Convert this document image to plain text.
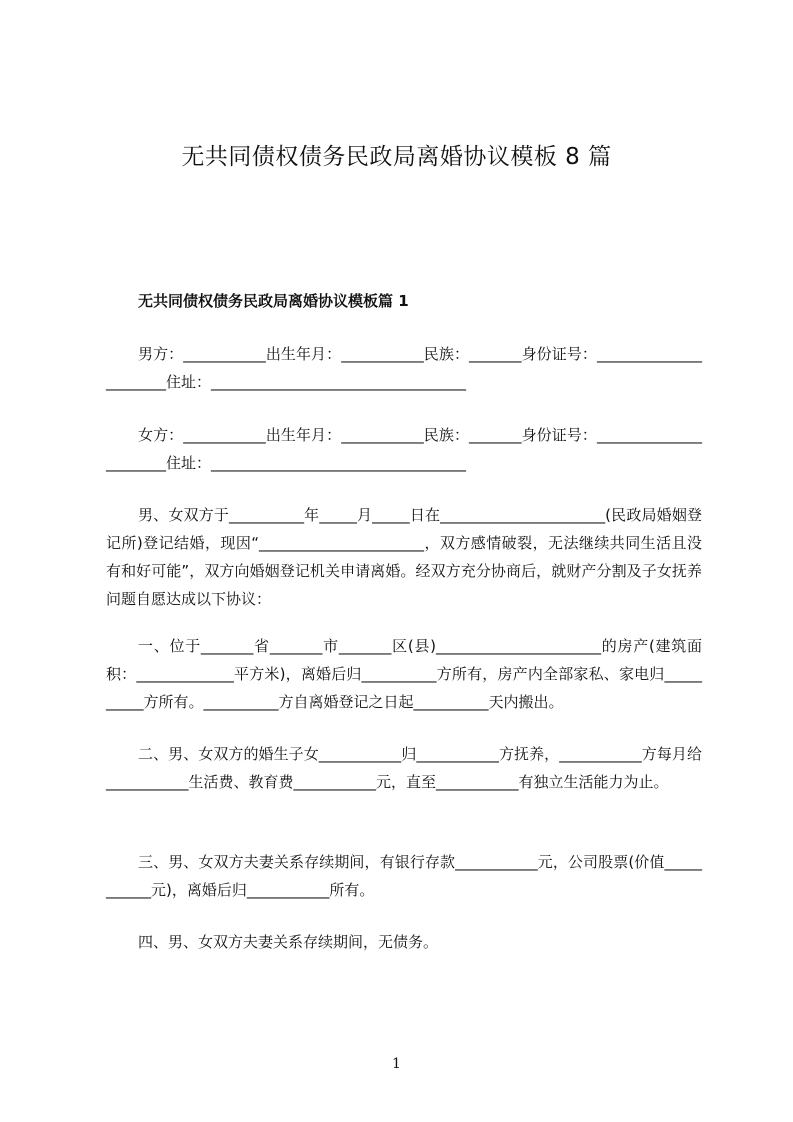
无共同债权债务民政局离婚协议模板 8 篇
无共同债权债务民政局离婚协议模板篇 1

男方：___________出生年月：___________民族：_______身份证号：______________________住址：__________________________________

女方：___________出生年月：___________民族：_______身份证号：______________________住址：__________________________________

男、女双方于__________年_____月_____日在______________________(民政局婚姻登记所)登记结婚，现因“______________________，双方感情破裂，无法继续共同生活且没有和好可能”，双方向婚姻登记机关申请离婚。经双方充分协商后，就财产分割及子女抚养问题自愿达成以下协议：

一、位于_______省_______市_______区(县)______________________的房产(建筑面积：_____________平方米)，离婚后归__________方所有，房产内全部家私、家电归__________方所有。__________方自离婚登记之日起__________天内搬出。

二、男、女双方的婚生子女___________归___________方抚养，___________方每月给___________生活费、教育费___________元，直至___________有独立生活能力为止。

三、男、女双方夫妻关系存续期间，有银行存款___________元，公司股票(价值___________元)，离婚后归___________所有。

四、男、女双方夫妻关系存续期间，无债务。

1
